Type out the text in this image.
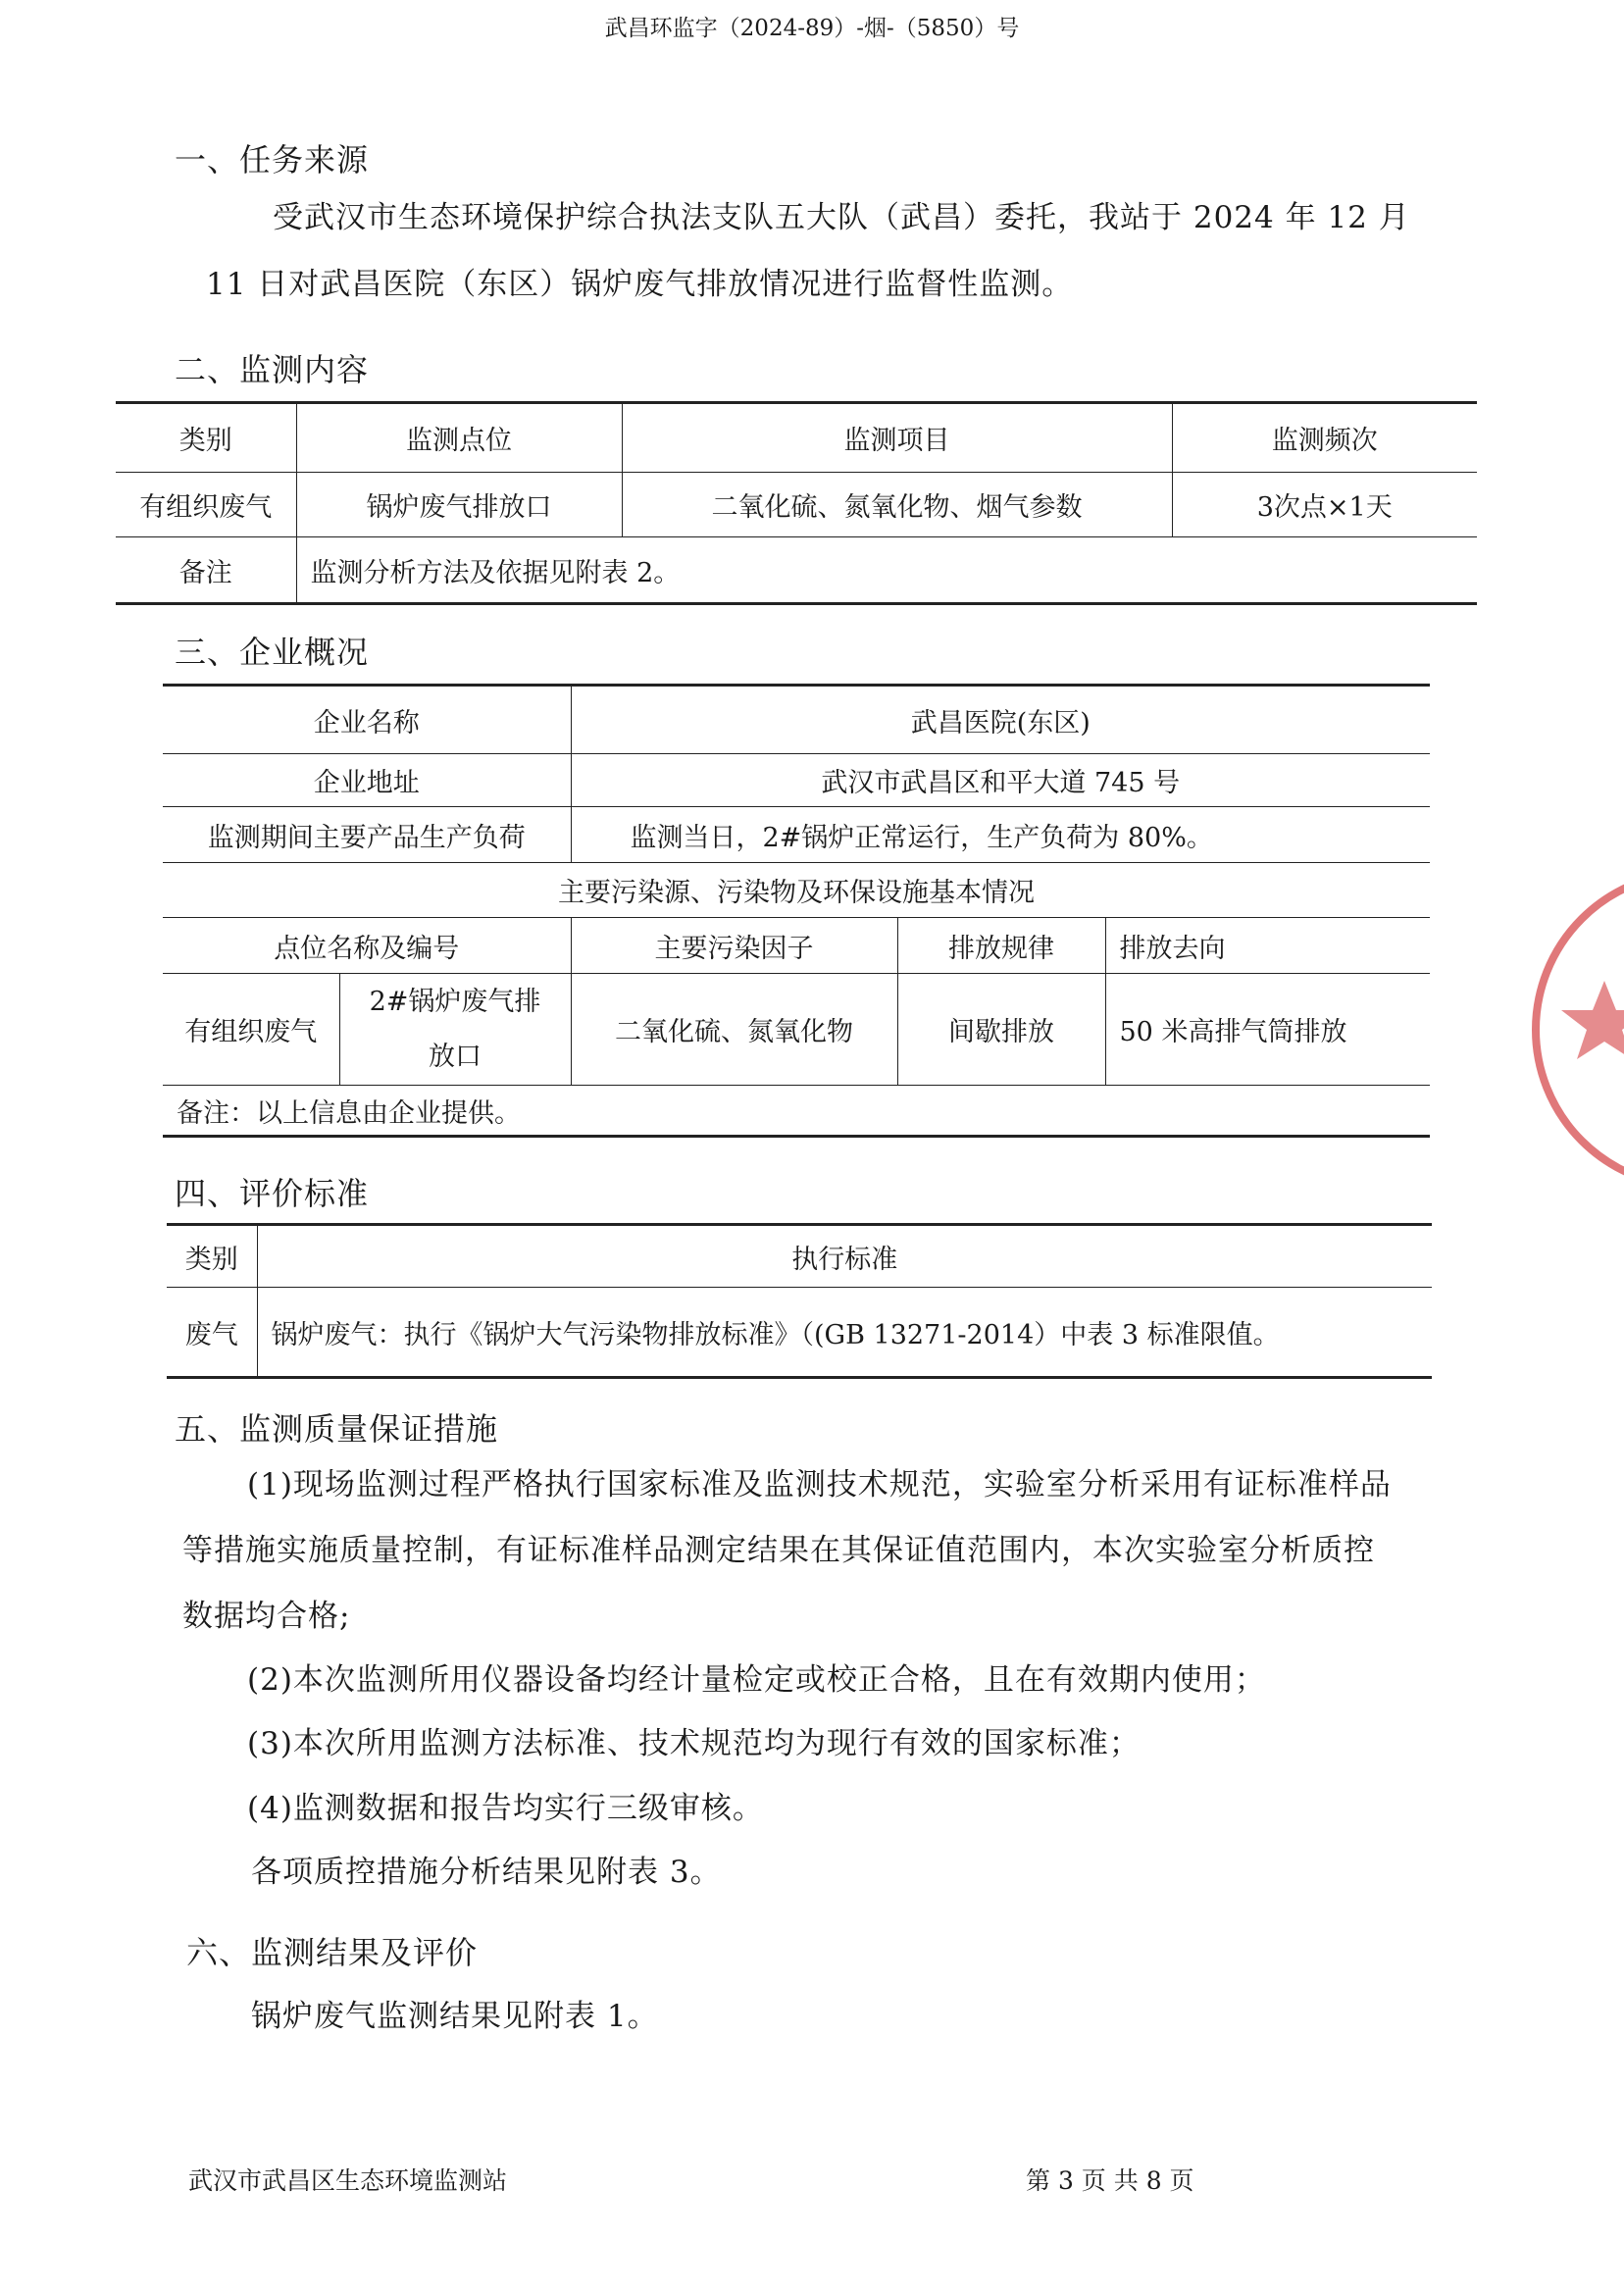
武昌环监字（2024-89）-烟-（5850）号
一、任务来源
受武汉市生态环境保护综合执法支队五大队（武昌）委托，我站于 2024 年 12 月
11 日对武昌医院（东区）锅炉废气排放情况进行监督性监测。
二、监测内容
类别	监测点位	监测项目	监测频次
有组织废气	锅炉废气排放口	二氧化硫、氮氧化物、烟气参数	3次点×1天
备注	监测分析方法及依据见附表 2。		
三、企业概况
企业名称		武昌医院(东区)		
企业地址		武汉市武昌区和平大道 745 号		
监测期间主要产品生产负荷		监测当日，2#锅炉正常运行，生产负荷为 80%。		
主要污染源、污染物及环保设施基本情况				
点位名称及编号		主要污染因子	排放规律	排放去向
有组织废气	2#锅炉废气排放口	二氧化硫、氮氧化物	间歇排放	50 米高排气筒排放
备注：以上信息由企业提供。				
四、评价标准
类别	执行标准
废气	锅炉废气：执行《锅炉大气污染物排放标准》（(GB 13271-2014）中表 3 标准限值。
五、监测质量保证措施
(1)现场监测过程严格执行国家标准及监测技术规范，实验室分析采用有证标准样品
等措施实施质量控制，有证标准样品测定结果在其保证值范围内，本次实验室分析质控
数据均合格;
(2)本次监测所用仪器设备均经计量检定或校正合格，且在有效期内使用；
(3)本次所用监测方法标准、技术规范均为现行有效的国家标准；
(4)监测数据和报告均实行三级审核。
各项质控措施分析结果见附表 3。
六、监测结果及评价
锅炉废气监测结果见附表 1。
武汉市武昌区生态环境监测站	第 3 页 共 8 页
